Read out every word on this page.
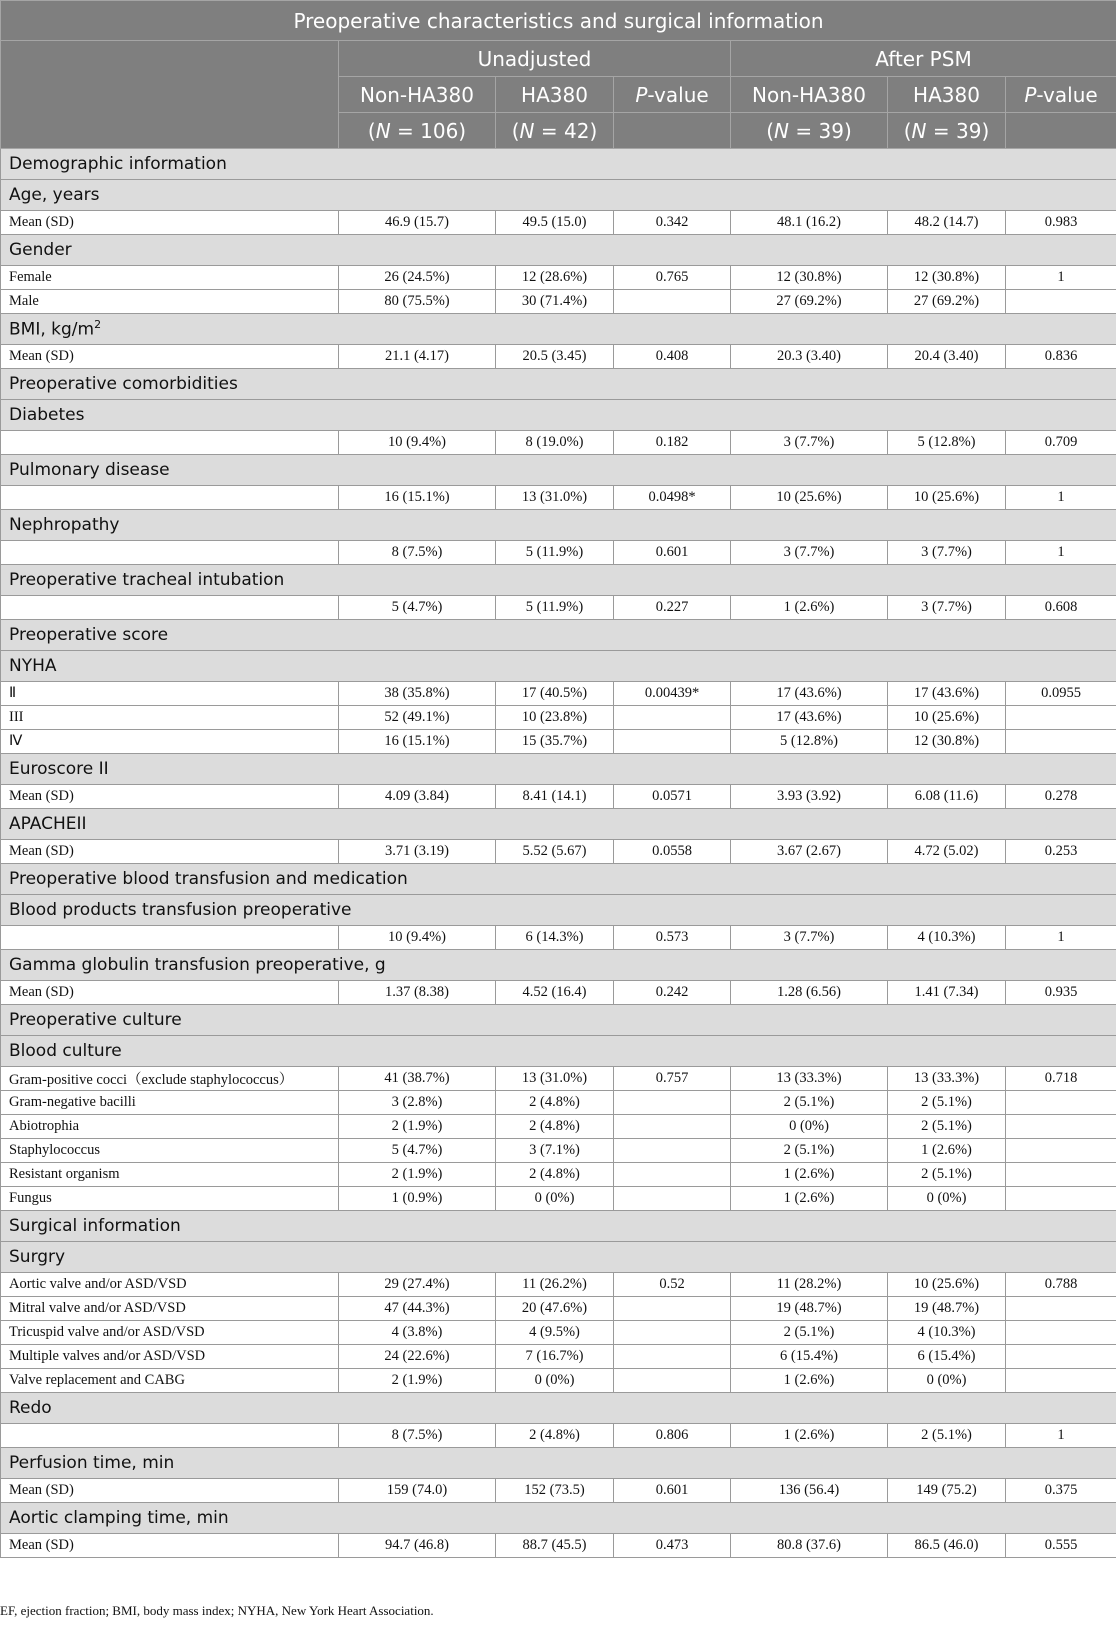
Preoperative characteristics and surgical information						
	Unadjusted			After PSM		
	Non-HA380	HA380	P-value	Non-HA380	HA380	P-value
	(N = 106)	(N = 42)		(N = 39)	(N = 39)	
Demographic information						
Age, years						
Mean (SD)	46.9 (15.7)	49.5 (15.0)	0.342	48.1 (16.2)	48.2 (14.7)	0.983
Gender						
Female	26 (24.5%)	12 (28.6%)	0.765	12 (30.8%)	12 (30.8%)	1
Male	80 (75.5%)	30 (71.4%)		27 (69.2%)	27 (69.2%)	
BMI, $kg/m^2$
Mean (SD)	21.1 (4.17)	20.5 (3.45)	0.408	20.3 (3.40)	20.4 (3.40)	0.836
Preoperative comorbidities						
Diabetes						
	10 (9.4%)	8 (19.0%)	0.182	3 (7.7%)	5 (12.8%)	0.709
Pulmonary disease						
	16 (15.1%)	13 (31.0%)	0.0498*	10 (25.6%)	10 (25.6%)	1
Nephropathy						
	8 (7.5%)	5 (11.9%)	0.601	3 (7.7%)	3 (7.7%)	1
Preoperative tracheal intubation						
	5 (4.7%)	5 (11.9%)	0.227	1 (2.6%)	3 (7.7%)	0.608
Preoperative score						
NYHA						
Ⅱ	38 (35.8%)	17 (40.5%)	0.00439*	17 (43.6%)	17 (43.6%)	0.0955
III	52 (49.1%)	10 (23.8%)		17 (43.6%)	10 (25.6%)	
Ⅳ	16 (15.1%)	15 (35.7%)		5 (12.8%)	12 (30.8%)	
Euroscore II						
Mean (SD)	4.09 (3.84)	8.41 (14.1)	0.0571	3.93 (3.92)	6.08 (11.6)	0.278
APACHEII						
Mean (SD)	3.71 (3.19)	5.52 (5.67)	0.0558	3.67 (2.67)	4.72 (5.02)	0.253
Preoperative blood transfusion and medication						
Blood products transfusion preoperative						
	10 (9.4%)	6 (14.3%)	0.573	3 (7.7%)	4 (10.3%)	1
Gamma globulin transfusion preoperative, g						
Mean (SD)	1.37 (8.38)	4.52 (16.4)	0.242	1.28 (6.56)	1.41 (7.34)	0.935
Preoperative culture						
Blood culture						
Gram-positive cocci（exclude staphylococcus）	41 (38.7%)	13 (31.0%)	0.757	13 (33.3%)	13 (33.3%)	0.718
Gram-negative bacilli	3 (2.8%)	2 (4.8%)		2 (5.1%)	2 (5.1%)	
Abiotrophia	2 (1.9%)	2 (4.8%)		0 (0%)	2 (5.1%)	
Staphylococcus	5 (4.7%)	3 (7.1%)		2 (5.1%)	1 (2.6%)	
Resistant organism	2 (1.9%)	2 (4.8%)		1 (2.6%)	2 (5.1%)	
Fungus	1 (0.9%)	0 (0%)		1 (2.6%)	0 (0%)	
Surgical information						
Surgry						
Aortic valve and/or ASD/VSD	29 (27.4%)	11 (26.2%)	0.52	11 (28.2%)	10 (25.6%)	0.788
Mitral valve and/or ASD/VSD	47 (44.3%)	20 (47.6%)		19 (48.7%)	19 (48.7%)	
Tricuspid valve and/or ASD/VSD	4 (3.8%)	4 (9.5%)		2 (5.1%)	4 (10.3%)	
Multiple valves and/or ASD/VSD	24 (22.6%)	7 (16.7%)		6 (15.4%)	6 (15.4%)	
Valve replacement and CABG	2 (1.9%)	0 (0%)		1 (2.6%)	0 (0%)	
Redo						
	8 (7.5%)	2 (4.8%)	0.806	1 (2.6%)	2 (5.1%)	1
Perfusion time, min						
Mean (SD)	159 (74.0)	152 (73.5)	0.601	136 (56.4)	149 (75.2)	0.375
Aortic clamping time, min						
Mean (SD)	94.7 (46.8)	88.7 (45.5)	0.473	80.8 (37.6)	86.5 (46.0)	0.555
EF, ejection fraction; BMI, body mass index; NYHA, New York Heart Association.
